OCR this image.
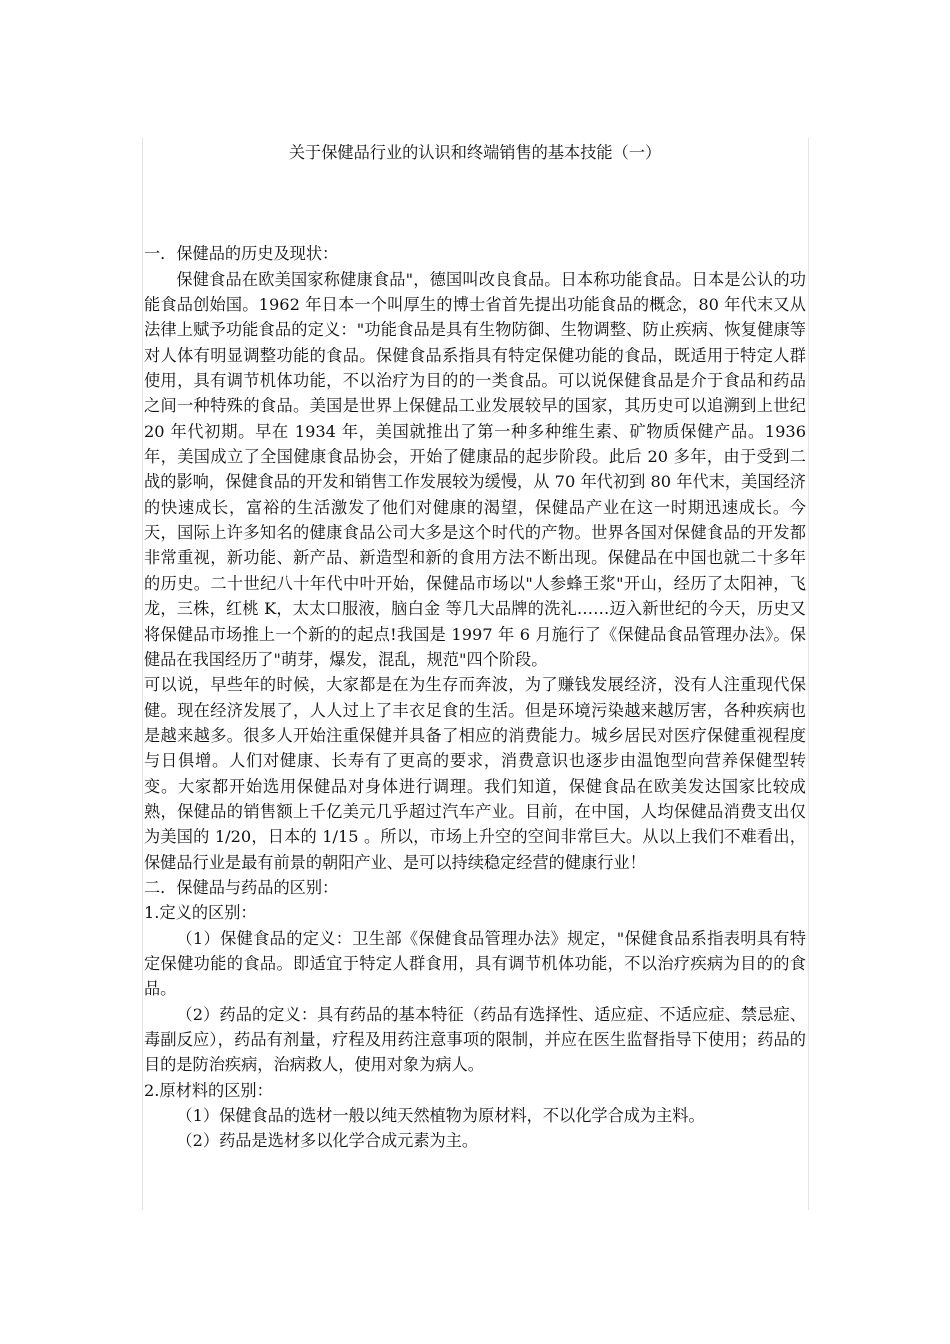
关于保健品行业的认识和终端销售的基本技能（一）

一．保健品的历史及现状：

保健食品在欧美国家称健康食品"，德国叫改良食品。日本称功能食品。日本是公认的功能食品创始国。1962 年日本一个叫厚生的博士省首先提出功能食品的概念，80 年代末又从法律上赋予功能食品的定义："功能食品是具有生物防御、生物调整、防止疾病、恢复健康等对人体有明显调整功能的食品。保健食品系指具有特定保健功能的食品，既适用于特定人群使用，具有调节机体功能，不以治疗为目的的一类食品。可以说保健食品是介于食品和药品之间一种特殊的食品。美国是世界上保健品工业发展较早的国家，其历史可以追溯到上世纪 20 年代初期。早在 1934 年，美国就推出了第一种多种维生素、矿物质保健产品。1936 年，美国成立了全国健康食品协会，开始了健康品的起步阶段。此后 20 多年，由于受到二战的影响，保健食品的开发和销售工作发展较为缓慢，从 70 年代初到 80 年代末，美国经济的快速成长，富裕的生活激发了他们对健康的渴望，保健品产业在这一时期迅速成长。今天，国际上许多知名的健康食品公司大多是这个时代的产物。世界各国对保健食品的开发都非常重视，新功能、新产品、新造型和新的食用方法不断出现。保健品在中国也就二十多年的历史。二十世纪八十年代中叶开始，保健品市场以"人参蜂王浆"开山，经历了太阳神，飞龙，三株，红桃 K，太太口服液，脑白金 等几大品牌的洗礼……迈入新世纪的今天，历史又将保健品市场推上一个新的的起点!我国是 1997 年 6 月施行了《保健品食品管理办法》。保健品在我国经历了"萌芽，爆发，混乱，规范"四个阶段。

可以说，早些年的时候，大家都是在为生存而奔波，为了赚钱发展经济，没有人注重现代保健。现在经济发展了，人人过上了丰衣足食的生活。但是环境污染越来越厉害，各种疾病也是越来越多。很多人开始注重保健并具备了相应的消费能力。城乡居民对医疗保健重视程度与日俱增。人们对健康、长寿有了更高的要求，消费意识也逐步由温饱型向营养保健型转变。大家都开始选用保健品对身体进行调理。我们知道，保健食品在欧美发达国家比较成熟，保健品的销售额上千亿美元几乎超过汽车产业。目前，在中国，人均保健品消费支出仅为美国的 1/20，日本的 1/15 。所以，市场上升空的空间非常巨大。从以上我们不难看出，保健品行业是最有前景的朝阳产业、是可以持续稳定经营的健康行业！

二．保健品与药品的区别：

1.定义的区别：

（1）保健食品的定义：卫生部《保健食品管理办法》规定，"保健食品系指表明具有特定保健功能的食品。即适宜于特定人群食用，具有调节机体功能，不以治疗疾病为目的的食品。

（2）药品的定义：具有药品的基本特征（药品有选择性、适应症、不适应症、禁忌症、毒副反应），药品有剂量，疗程及用药注意事项的限制，并应在医生监督指导下使用；药品的目的是防治疾病，治病救人，使用对象为病人。

2.原材料的区别：

（1）保健食品的选材一般以纯天然植物为原材料，不以化学合成为主料。

（2）药品是选材多以化学合成元素为主。
